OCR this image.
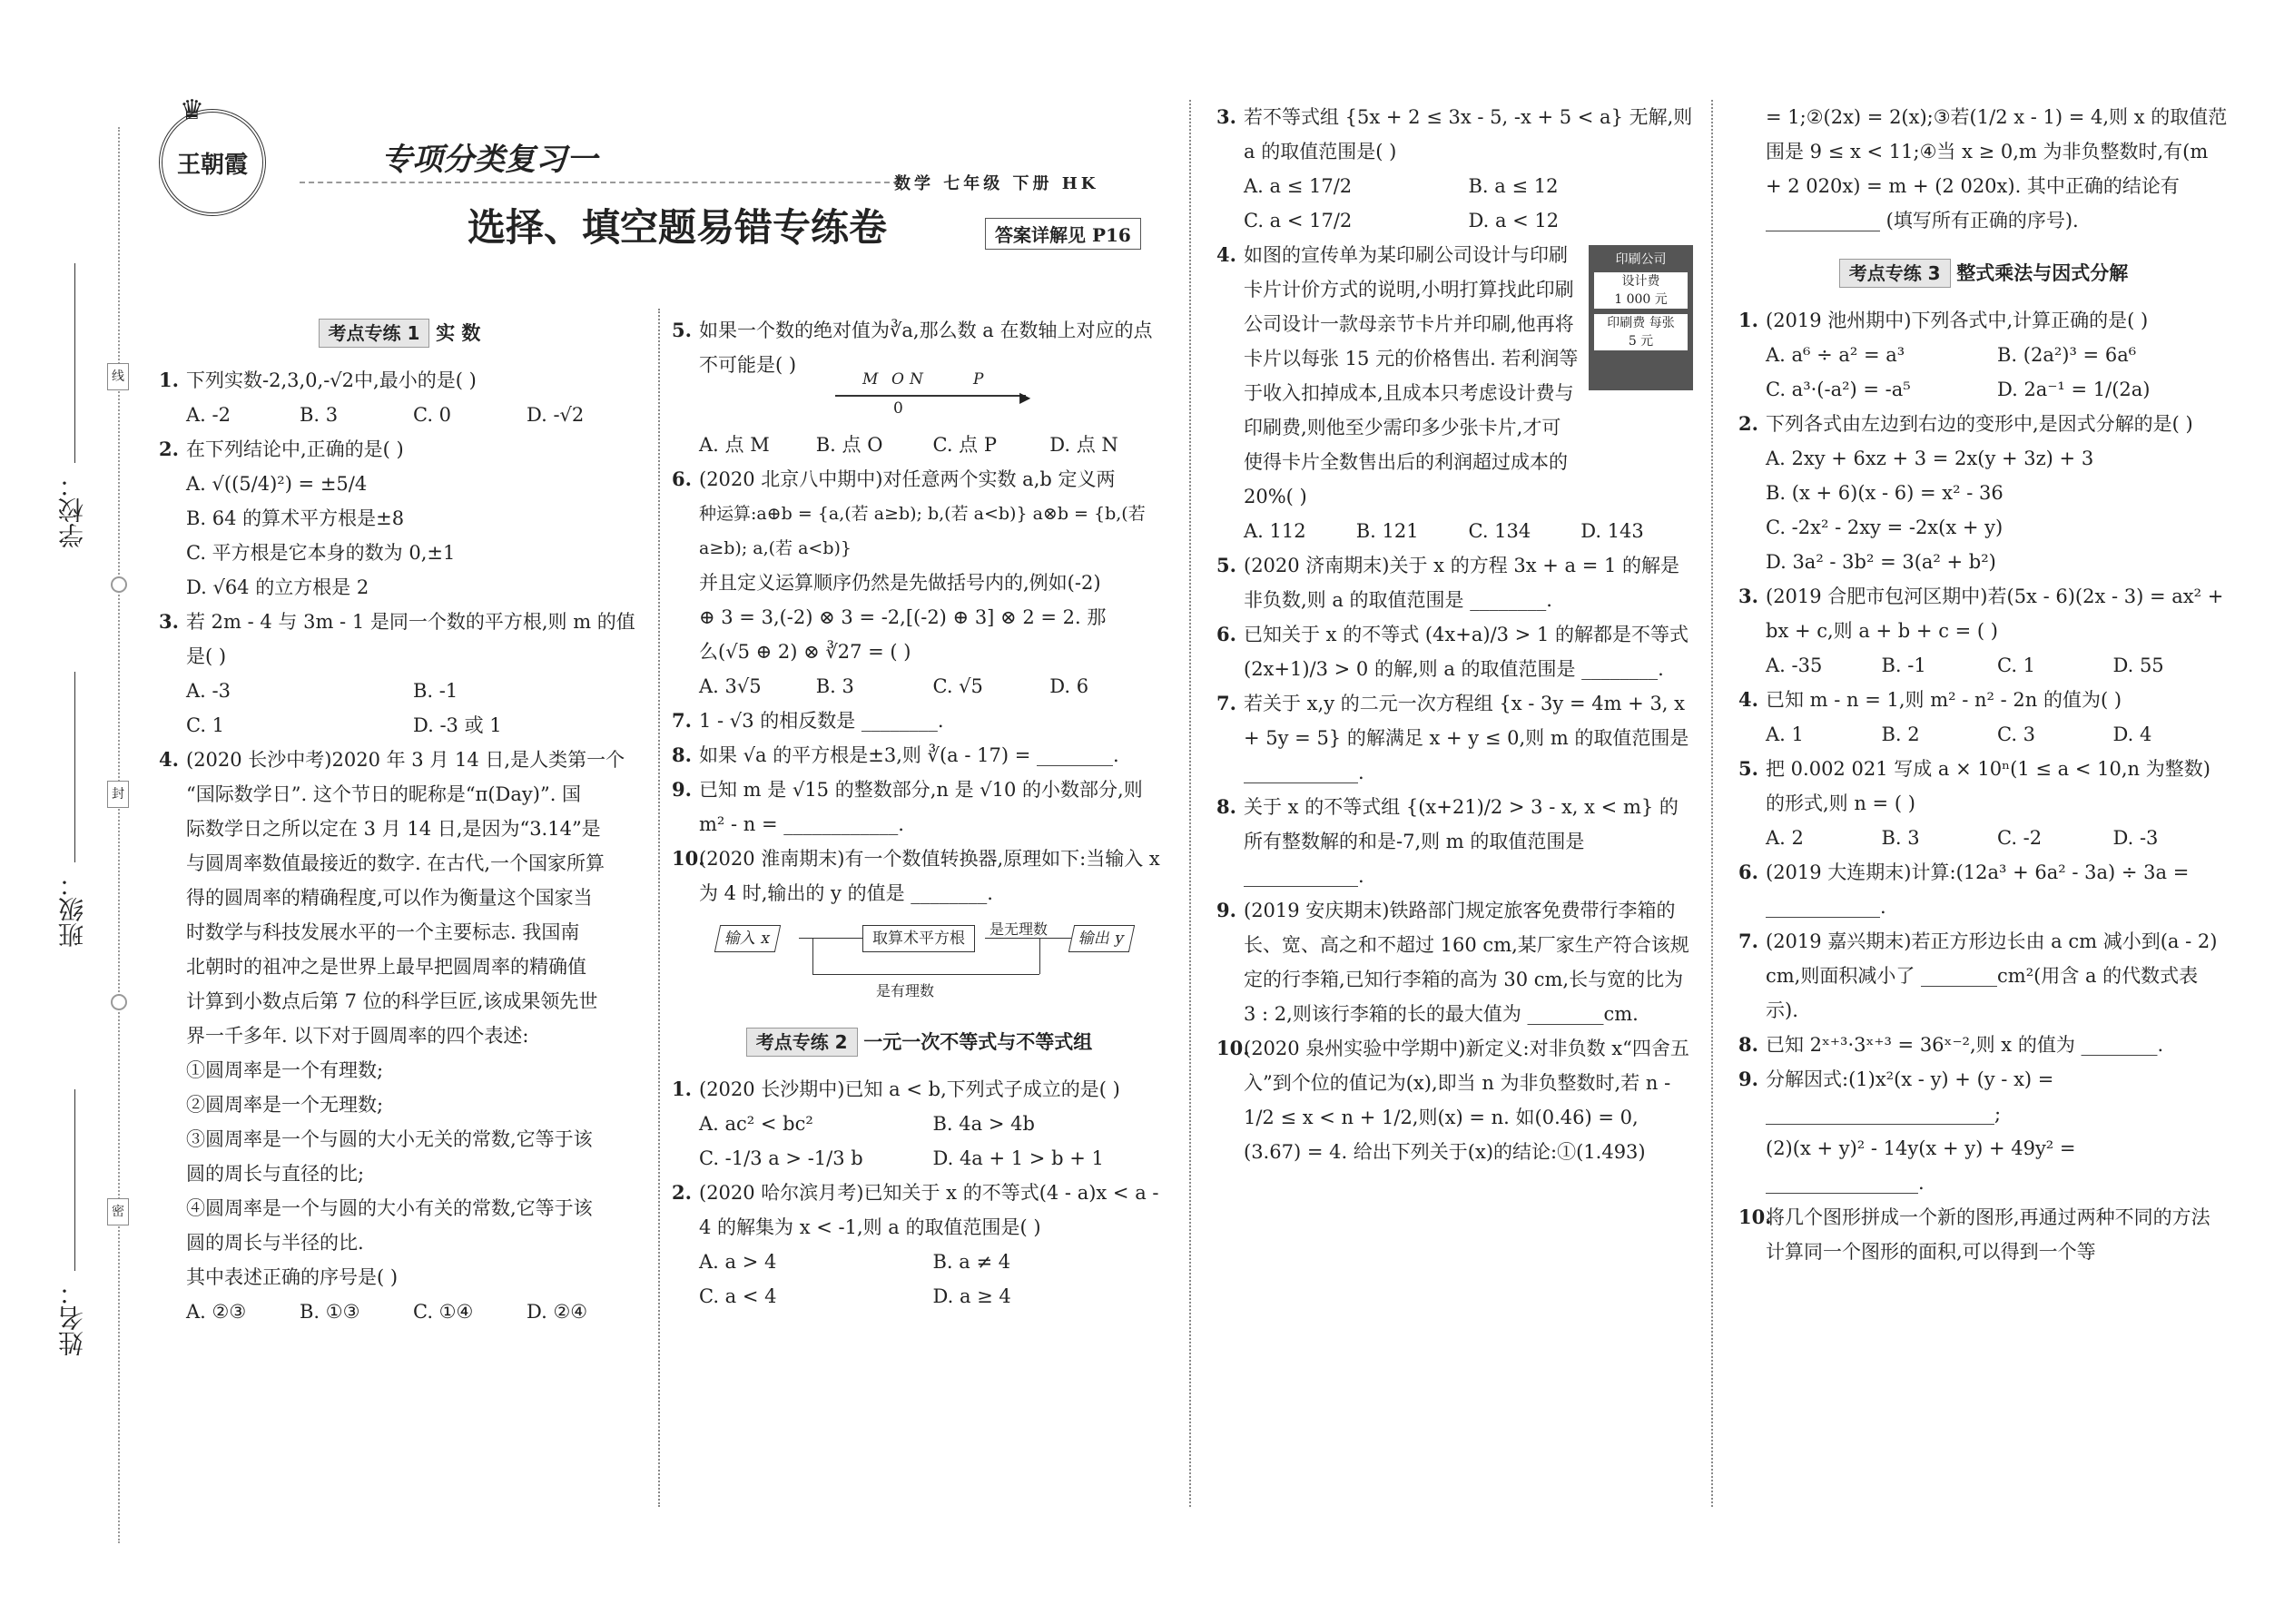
学校：
班级：
姓名：
线
封
密
王朝霞
♛
专项分类复习一
选择、填空题易错专练卷
数学 七年级 下册 HK
答案详解见 P16
考点专练 1 实 数
1. 下列实数-2,3,0,-√2中,最小的是( )
A. -2	B. 3	C. 0	D. -√2
2. 在下列结论中,正确的是( )

A. √((5/4)²) = ±5/4

B. 64 的算术平方根是±8

C. 平方根是它本身的数为 0,±1

D. √64 的立方根是 2

3. 若 2m - 4 与 3m - 1 是同一个数的平方根,则 m 的值是( )
A. -3	B. -1
C. 1	D. -3 或 1
4. (2020 长沙中考)2020 年 3 月 14 日,是人类第一个

“国际数学日”. 这个节日的昵称是“π(Day)”. 国

际数学日之所以定在 3 月 14 日,是因为“3.14”是

与圆周率数值最接近的数字. 在古代,一个国家所算

得的圆周率的精确程度,可以作为衡量这个国家当

时数学与科技发展水平的一个主要标志. 我国南

北朝时的祖冲之是世界上最早把圆周率的精确值

计算到小数点后第 7 位的科学巨匠,该成果领先世

界一千多年. 以下对于圆周率的四个表述:

①圆周率是一个有理数;

②圆周率是一个无理数;

③圆周率是一个与圆的大小无关的常数,它等于该

圆的周长与直径的比;

④圆周率是一个与圆的大小有关的常数,它等于该

圆的周长与半径的比.

其中表述正确的序号是( )

A. ②③	B. ①③	C. ①④	D. ②④
5. 如果一个数的绝对值为∛a,那么数 a 在数轴上对应的点不可能是( )
▶
M O N	P
0
A. 点 M	B. 点 O	C. 点 P	D. 点 N
6. (2020 北京八中期中)对任意两个实数 a,b 定义两

种运算:a⊕b = {a,(若 a≥b); b,(若 a<b)} a⊗b = {b,(若 a≥b); a,(若 a<b)}

并且定义运算顺序仍然是先做括号内的,例如(-2)

⊕ 3 = 3,(-2) ⊗ 3 = -2,[(-2) ⊕ 3] ⊗ 2 = 2. 那

么(√5 ⊕ 2) ⊗ ∛27 = ( )

A. 3√5	B. 3	C. √5	D. 6
7. 1 - √3 的相反数是 ________.
8. 如果 √a 的平方根是±3,则 ∛(a - 17) = ________.
9. 已知 m 是 √15 的整数部分,n 是 √10 的小数部分,则 m² - n = ____________.
10.
(2020 淮南期末)有一个数值转换器,原理如下:当输入 x 为 4 时,输出的 y 的值是 ________.
输入 x	取算术平方根
是无理数
输出 y
是有理数
考点专练 2 一元一次不等式与不等式组
1. (2020 长沙期中)已知 a < b,下列式子成立的是( )
A. ac² < bc²	B. 4a > 4b
C. -1/3 a > -1/3 b	D. 4a + 1 > b + 1
2. (2020 哈尔滨月考)已知关于 x 的不等式(4 - a)x < a - 4 的解集为 x < -1,则 a 的取值范围是( )
A. a > 4	B. a ≠ 4
C. a < 4	D. a ≥ 4
3. 若不等式组 {5x + 2 ≤ 3x - 5, -x + 5 < a} 无解,则 a 的取值范围是( )
A. a ≤ 17/2	B. a ≤ 12
C. a < 17/2	D. a < 12
4. 如图的宣传单为某印刷公司设计与印刷卡片计价方式的说明,小明打算找此印刷公司设计一款母亲节卡片并印刷,他再将卡片以每张 15 元的价格售出. 若利润等于收入扣掉成本,且成本只考虑设计费与印刷费,则他至少需印多少张卡片,才可使得卡片全数售出后的利润超过成本的 20%( )
印刷公司
设计费
1 000 元
印刷费 每张
5 元
A. 112	B. 121	C. 134	D. 143
5. (2020 济南期末)关于 x 的方程 3x + a = 1 的解是非负数,则 a 的取值范围是 ________.
6. 已知关于 x 的不等式 (4x+a)/3 > 1 的解都是不等式 (2x+1)/3 > 0 的解,则 a 的取值范围是 ________.
7. 若关于 x,y 的二元一次方程组 {x - 3y = 4m + 3, x + 5y = 5} 的解满足 x + y ≤ 0,则 m 的取值范围是 ____________.
8. 关于 x 的不等式组 {(x+21)/2 > 3 - x, x < m} 的所有整数解的和是-7,则 m 的取值范围是 ____________.
9. (2019 安庆期末)铁路部门规定旅客免费带行李箱的长、宽、高之和不超过 160 cm,某厂家生产符合该规定的行李箱,已知行李箱的高为 30 cm,长与宽的比为 3 : 2,则该行李箱的长的最大值为 ________cm.
10.
(2020 泉州实验中学期中)新定义:对非负数 x“四舍五入”到个位的值记为(x),即当 n 为非负整数时,若 n - 1/2 ≤ x < n + 1/2,则(x) = n. 如(0.46) = 0,(3.67) = 4. 给出下列关于(x)的结论:①(1.493)

= 1;②(2x) = 2(x);③若(1/2 x - 1) = 4,则 x 的取值范围是 9 ≤ x < 11;④当 x ≥ 0,m 为非负整数时,有(m + 2 020x) = m + (2 020x). 其中正确的结论有 ____________ (填写所有正确的序号).

考点专练 3 整式乘法与因式分解
1. (2019 池州期中)下列各式中,计算正确的是( )
A. a⁶ ÷ a² = a³	B. (2a²)³ = 6a⁶
C. a³·(-a²) = -a⁵	D. 2a⁻¹ = 1/(2a)
2. 下列各式由左边到右边的变形中,是因式分解的是( )

A. 2xy + 6xz + 3 = 2x(y + 3z) + 3

B. (x + 6)(x - 6) = x² - 36

C. -2x² - 2xy = -2x(x + y)

D. 3a² - 3b² = 3(a² + b²)

3. (2019 合肥市包河区期中)若(5x - 6)(2x - 3) = ax² + bx + c,则 a + b + c = ( )
A. -35	B. -1	C. 1	D. 55
4. 已知 m - n = 1,则 m² - n² - 2n 的值为( )
A. 1	B. 2	C. 3	D. 4
5. 把 0.002 021 写成 a × 10ⁿ(1 ≤ a < 10,n 为整数)的形式,则 n = ( )
A. 2	B. 3	C. -2	D. -3
6. (2019 大连期末)计算:(12a³ + 6a² - 3a) ÷ 3a = ____________.
7. (2019 嘉兴期末)若正方形边长由 a cm 减小到(a - 2) cm,则面积减小了 ________cm²(用含 a 的代数式表示).
8. 已知 2ˣ⁺³·3ˣ⁺³ = 36ˣ⁻²,则 x 的值为 ________.
9. 分解因式:(1)x²(x - y) + (y - x) = ________________________;

(2)(x + y)² - 14y(x + y) + 49y² = ________________.

10.
将几个图形拼成一个新的图形,再通过两种不同的方法计算同一个图形的面积,可以得到一个等
